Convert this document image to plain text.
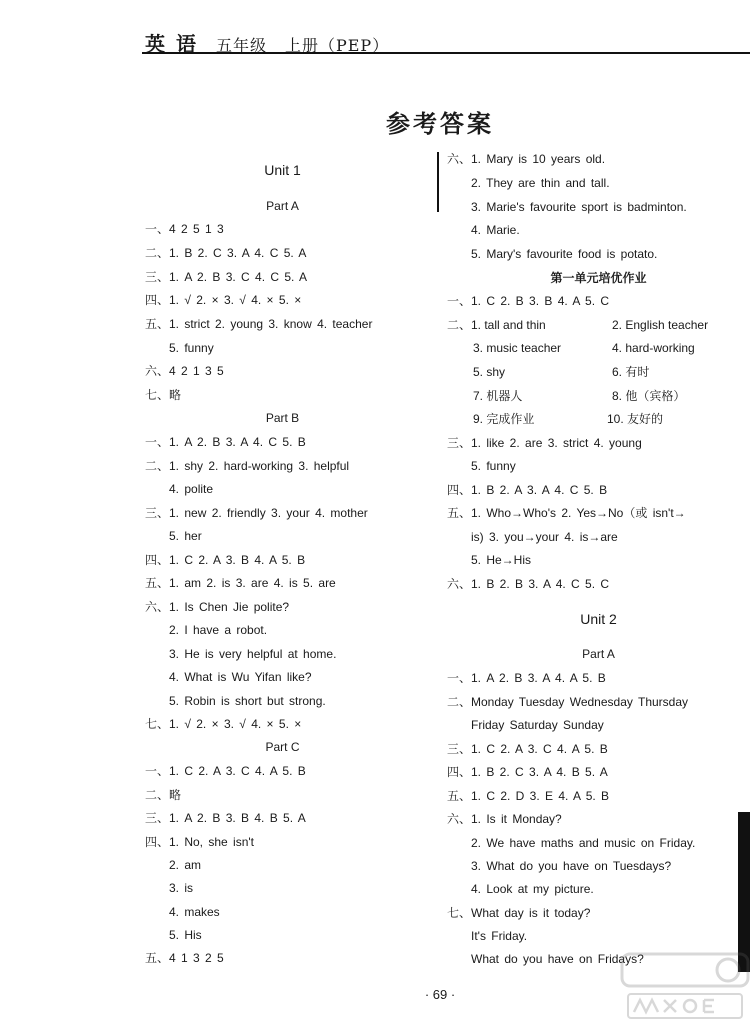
英 语 五年级 上册（PEP）
参考答案
Unit 1
Part A
一、4 2 5 1 3
二、1. B 2. C 3. A 4. C 5. A
三、1. A 2. B 3. C 4. C 5. A
四、1. √ 2. × 3. √ 4. × 5. ×
五、1. strict 2. young 3. know 4. teacher
5. funny
六、4 2 1 3 5
七、略
Part B
一、1. A 2. B 3. A 4. C 5. B
二、1. shy 2. hard-working 3. helpful
4. polite
三、1. new 2. friendly 3. your 4. mother
5. her
四、1. C 2. A 3. B 4. A 5. B
五、1. am 2. is 3. are 4. is 5. are
六、1. Is Chen Jie polite?
2. I have a robot.
3. He is very helpful at home.
4. What is Wu Yifan like?
5. Robin is short but strong.
七、1. √ 2. × 3. √ 4. × 5. ×
Part C
一、1. C 2. A 3. C 4. A 5. B
二、略
三、1. A 2. B 3. B 4. B 5. A
四、1. No, she isn't
2. am
3. is
4. makes
5. His
五、4 1 3 2 5
六、1. Mary is 10 years old.
2. They are thin and tall.
3. Marie's favourite sport is badminton.
4. Marie.
5. Mary's favourite food is potato.
第一单元培优作业
一、1. C 2. B 3. B 4. A 5. C
二、1. tall and thin	2. English teacher
3. music teacher	4. hard-working
5. shy	6. 有时
7. 机器人	8. 他（宾格）
9. 完成作业	10. 友好的
三、1. like 2. are 3. strict 4. young
5. funny
四、1. B 2. A 3. A 4. C 5. B
五、1. Who→Who's 2. Yes→No（或 isn't→
is) 3. you→your 4. is→are
5. He→His
六、1. B 2. B 3. A 4. C 5. C
Unit 2
Part A
一、1. A 2. B 3. A 4. A 5. B
二、Monday Tuesday Wednesday Thursday
Friday Saturday Sunday
三、1. C 2. A 3. C 4. A 5. B
四、1. B 2. C 3. A 4. B 5. A
五、1. C 2. D 3. E 4. A 5. B
六、1. Is it Monday?
2. We have maths and music on Friday.
3. What do you have on Tuesdays?
4. Look at my picture.
七、What day is it today?
It's Friday.
What do you have on Fridays?
· 69 ·
